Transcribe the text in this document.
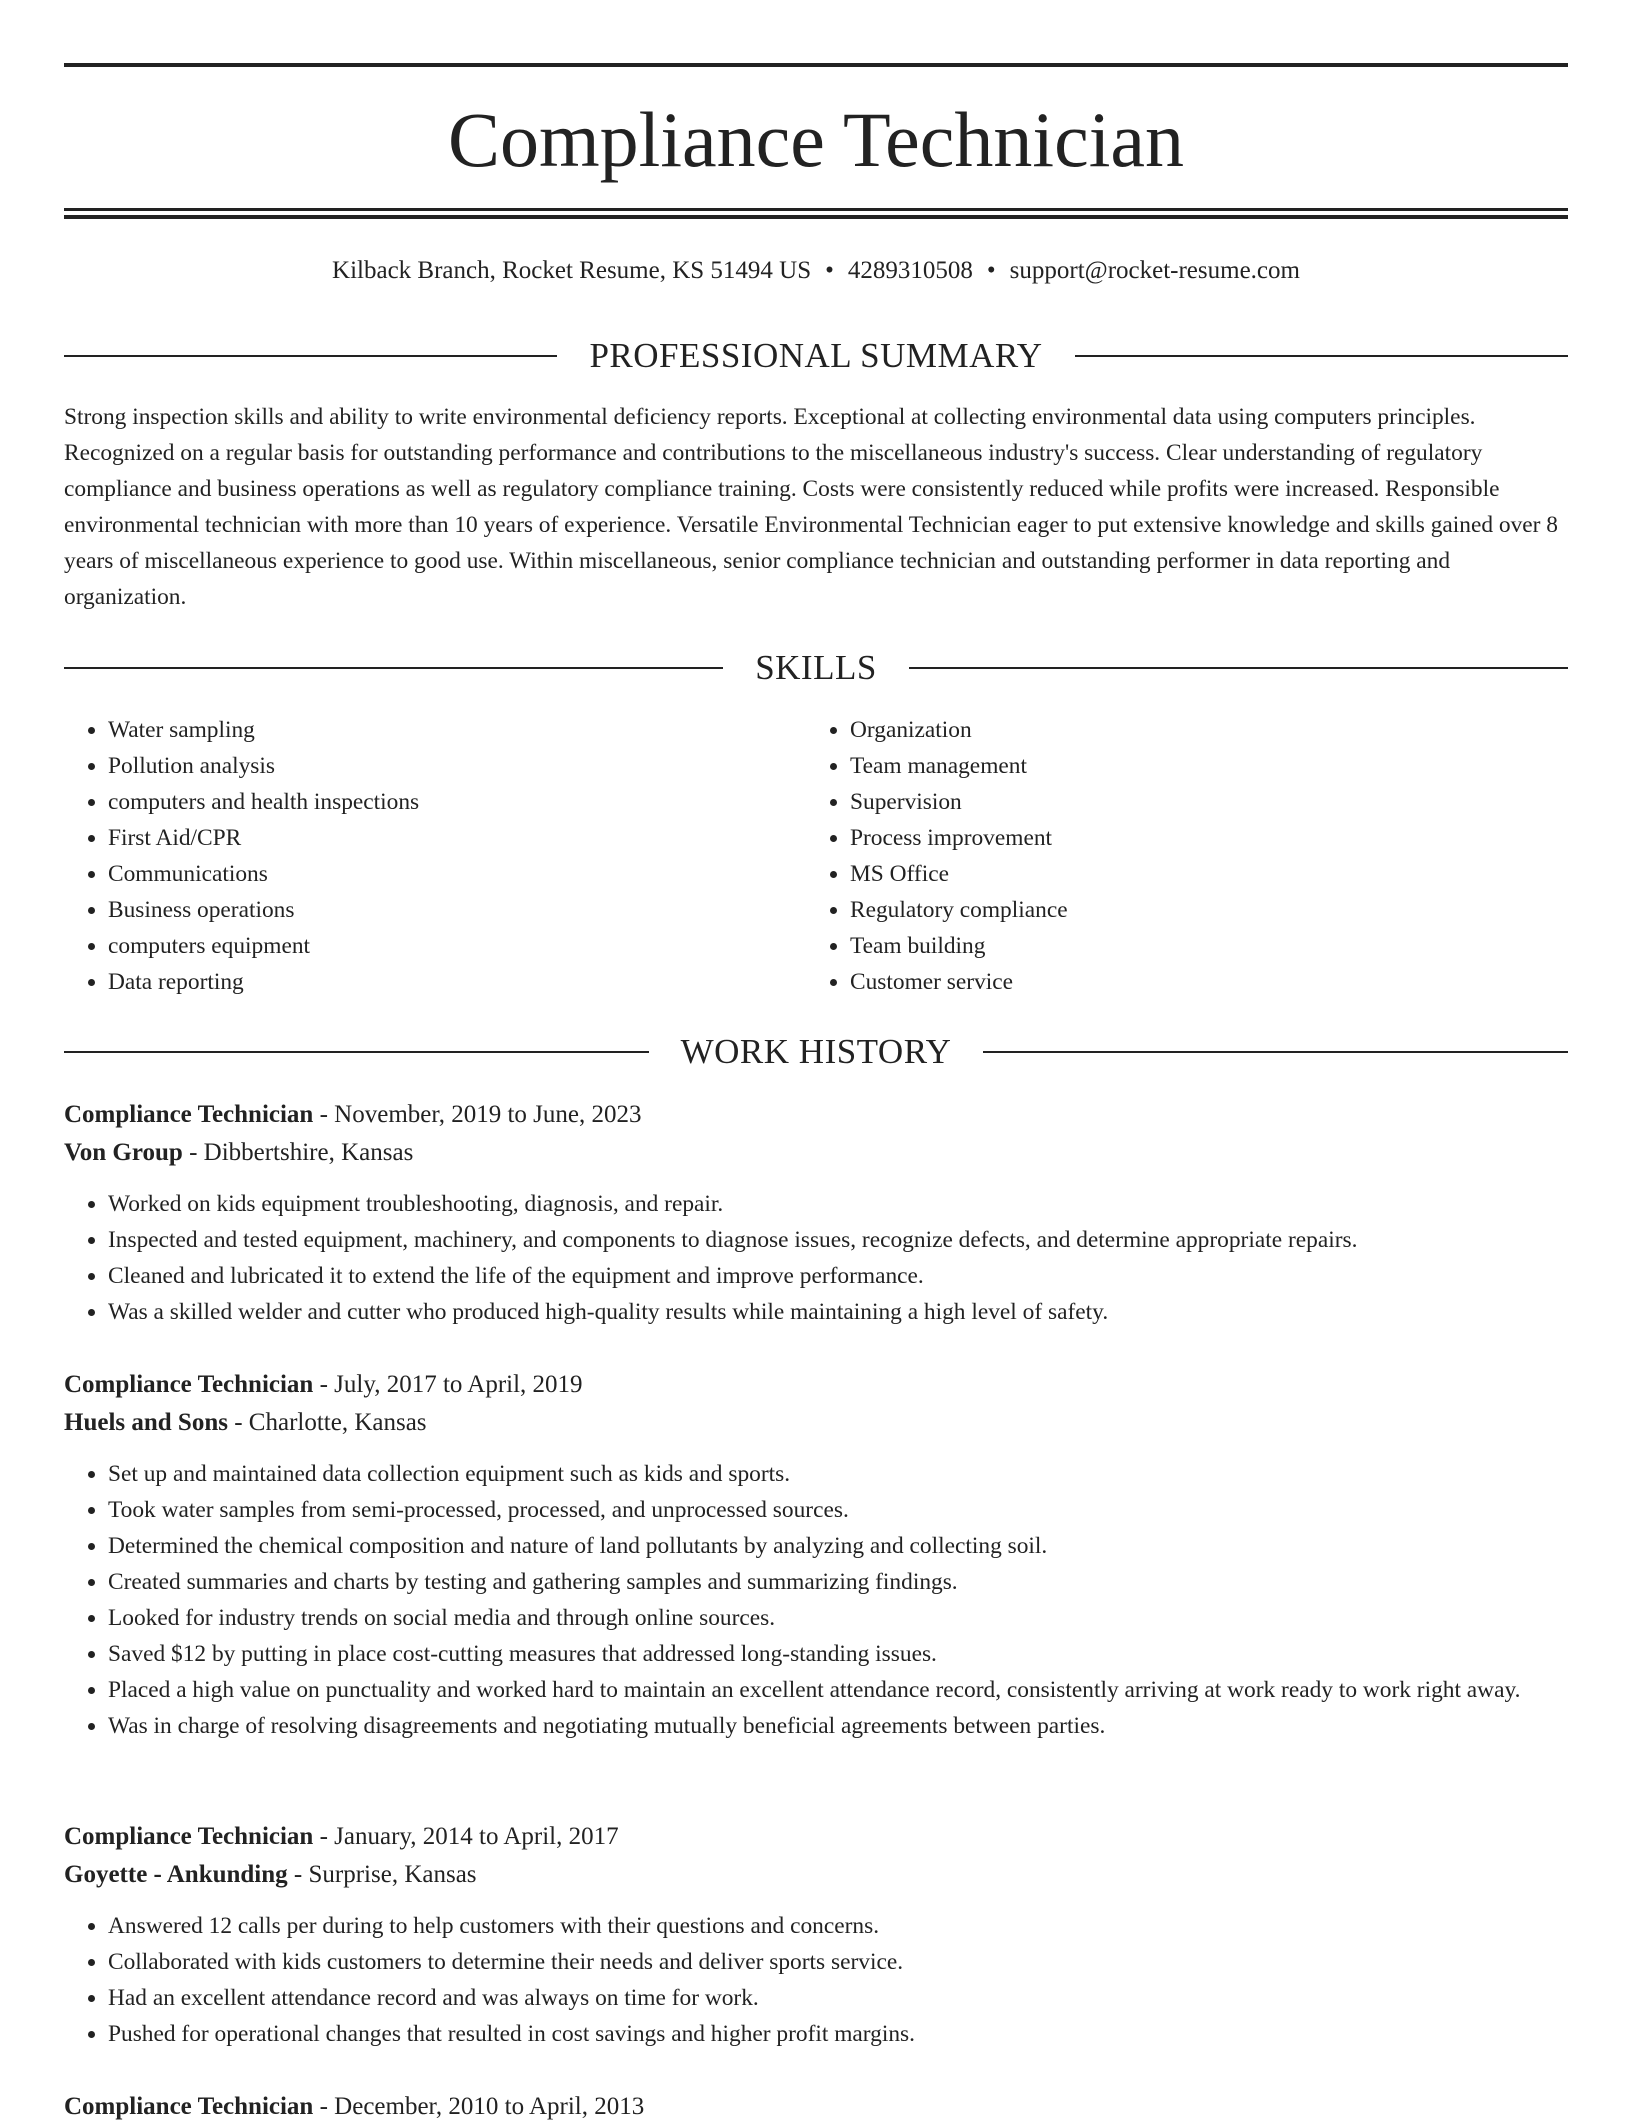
Compliance Technician
Kilback Branch, Rocket Resume, KS 51494 US • 4289310508 • support@rocket-resume.com
PROFESSIONAL SUMMARY

Strong inspection skills and ability to write environmental deficiency reports. Exceptional at collecting environmental data using computers principles. Recognized on a regular basis for outstanding performance and contributions to the miscellaneous industry's success. Clear understanding of regulatory compliance and business operations as well as regulatory compliance training. Costs were consistently reduced while profits were increased. Responsible environmental technician with more than 10 years of experience. Versatile Environmental Technician eager to put extensive knowledge and skills gained over 8 years of miscellaneous experience to good use. Within miscellaneous, senior compliance technician and outstanding performer in data reporting and organization.

SKILLS
• Water sampling
• Pollution analysis
• computers and health inspections
• First Aid/CPR
• Communications
• Business operations
• computers equipment
• Data reporting
• Organization
• Team management
• Supervision
• Process improvement
• MS Office
• Regulatory compliance
• Team building
• Customer service
WORK HISTORY
Compliance Technician - November, 2019 to June, 2023
Von Group - Dibbertshire, Kansas
• Worked on kids equipment troubleshooting, diagnosis, and repair.
• Inspected and tested equipment, machinery, and components to diagnose issues, recognize defects, and determine appropriate repairs.
• Cleaned and lubricated it to extend the life of the equipment and improve performance.
• Was a skilled welder and cutter who produced high-quality results while maintaining a high level of safety.
Compliance Technician - July, 2017 to April, 2019
Huels and Sons - Charlotte, Kansas
• Set up and maintained data collection equipment such as kids and sports.
• Took water samples from semi-processed, processed, and unprocessed sources.
• Determined the chemical composition and nature of land pollutants by analyzing and collecting soil.
• Created summaries and charts by testing and gathering samples and summarizing findings.
• Looked for industry trends on social media and through online sources.
• Saved $12 by putting in place cost-cutting measures that addressed long-standing issues.
• Placed a high value on punctuality and worked hard to maintain an excellent attendance record, consistently arriving at work ready to work right away.
• Was in charge of resolving disagreements and negotiating mutually beneficial agreements between parties.
Compliance Technician - January, 2014 to April, 2017
Goyette - Ankunding - Surprise, Kansas
• Answered 12 calls per during to help customers with their questions and concerns.
• Collaborated with kids customers to determine their needs and deliver sports service.
• Had an excellent attendance record and was always on time for work.
• Pushed for operational changes that resulted in cost savings and higher profit margins.
Compliance Technician - December, 2010 to April, 2013
